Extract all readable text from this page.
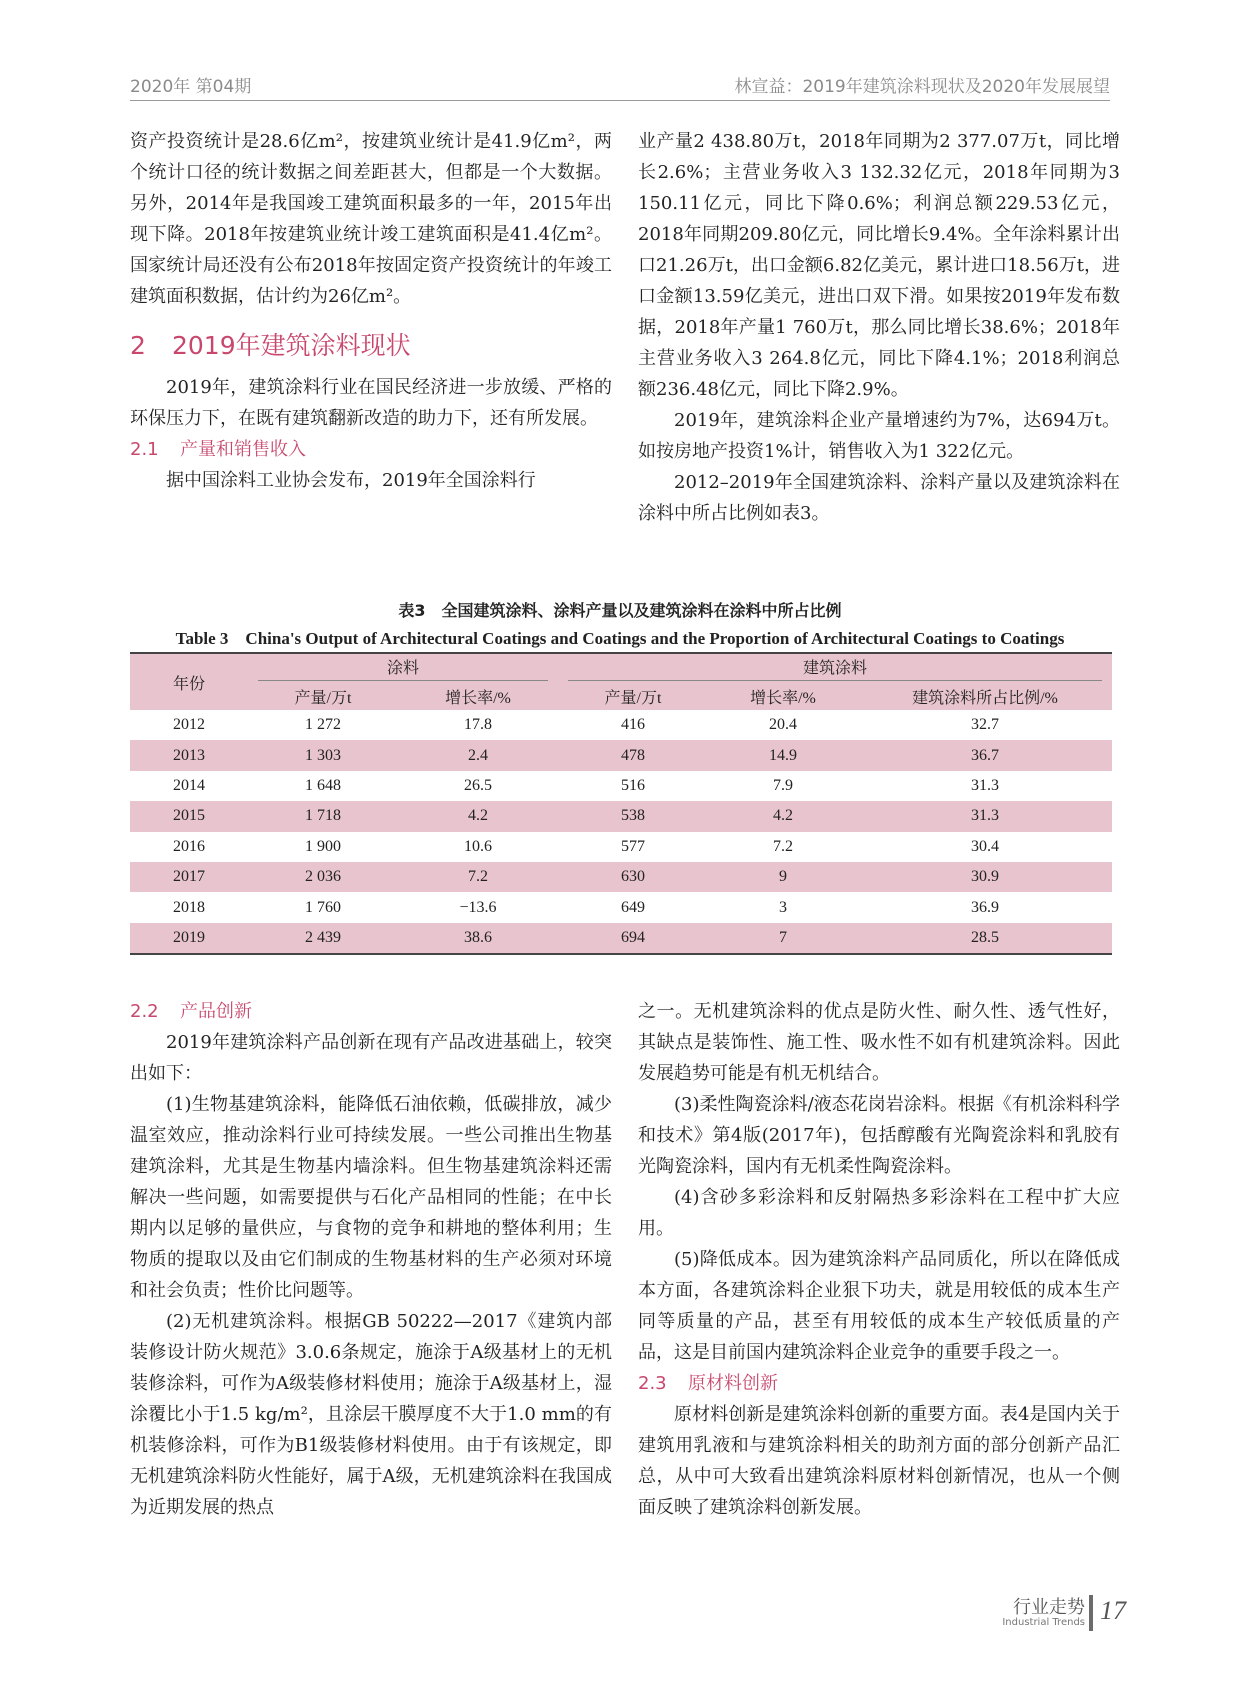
2020年 第04期	林宣益：2019年建筑涂料现状及2020年发展展望

资产投资统计是28.6亿m²，按建筑业统计是41.9亿m²，两个统计口径的统计数据之间差距甚大，但都是一个大数据。另外，2014年是我国竣工建筑面积最多的一年，2015年出现下降。2018年按建筑业统计竣工建筑面积是41.4亿m²。国家统计局还没有公布2018年按固定资产投资统计的年竣工建筑面积数据，估计约为26亿m²。

2 2019年建筑涂料现状

2019年，建筑涂料行业在国民经济进一步放缓、严格的环保压力下，在既有建筑翻新改造的助力下，还有所发展。

2.1 产量和销售收入

据中国涂料工业协会发布，2019年全国涂料行

业产量2 438.80万t，2018年同期为2 377.07万t，同比增长2.6%；主营业务收入3 132.32亿元，2018年同期为3 150.11亿元，同比下降0.6%；利润总额229.53亿元，2018年同期209.80亿元，同比增长9.4%。全年涂料累计出口21.26万t，出口金额6.82亿美元，累计进口18.56万t，进口金额13.59亿美元，进出口双下滑。如果按2019年发布数据，2018年产量1 760万t，那么同比增长38.6%；2018年主营业务收入3 264.8亿元，同比下降4.1%；2018利润总额236.48亿元，同比下降2.9%。

2019年，建筑涂料企业产量增速约为7%，达694万t。如按房地产投资1%计，销售收入为1 322亿元。

2012–2019年全国建筑涂料、涂料产量以及建筑涂料在涂料中所占比例如表3。

表3　全国建筑涂料、涂料产量以及建筑涂料在涂料中所占比例
Table 3　China's Output of Architectural Coatings and Coatings and the Proportion of Architectural Coatings to Coatings
年份	涂料		建筑涂料		

	产量/万t	增长率/%	产量/万t	增长率/%	建筑涂料所占比例/%
2012	1 272	17.8	416	20.4	32.7
2013	1 303	2.4	478	14.9	36.7
2014	1 648	26.5	516	7.9	31.3
2015	1 718	4.2	538	4.2	31.3
2016	1 900	10.6	577	7.2	30.4
2017	2 036	7.2	630	9	30.9
2018	1 760	−13.6	649	3	36.9
2019	2 439	38.6	694	7	28.5
2.2 产品创新

2019年建筑涂料产品创新在现有产品改进基础上，较突出如下：

(1)生物基建筑涂料，能降低石油依赖，低碳排放，减少温室效应，推动涂料行业可持续发展。一些公司推出生物基建筑涂料，尤其是生物基内墙涂料。但生物基建筑涂料还需解决一些问题，如需要提供与石化产品相同的性能；在中长期内以足够的量供应，与食物的竞争和耕地的整体利用；生物质的提取以及由它们制成的生物基材料的生产必须对环境和社会负责；性价比问题等。

(2)无机建筑涂料。根据GB 50222—2017《建筑内部装修设计防火规范》3.0.6条规定，施涂于A级基材上的无机装修涂料，可作为A级装修材料使用；施涂于A级基材上，湿涂覆比小于1.5 kg/m²，且涂层干膜厚度不大于1.0 mm的有机装修涂料，可作为B1级装修材料使用。由于有该规定，即无机建筑涂料防火性能好，属于A级，无机建筑涂料在我国成为近期发展的热点

之一。无机建筑涂料的优点是防火性、耐久性、透气性好，其缺点是装饰性、施工性、吸水性不如有机建筑涂料。因此发展趋势可能是有机无机结合。

(3)柔性陶瓷涂料/液态花岗岩涂料。根据《有机涂料科学和技术》第4版(2017年)，包括醇酸有光陶瓷涂料和乳胶有光陶瓷涂料，国内有无机柔性陶瓷涂料。

(4)含砂多彩涂料和反射隔热多彩涂料在工程中扩大应用。

(5)降低成本。因为建筑涂料产品同质化，所以在降低成本方面，各建筑涂料企业狠下功夫，就是用较低的成本生产同等质量的产品，甚至有用较低的成本生产较低质量的产品，这是目前国内建筑涂料企业竞争的重要手段之一。

2.3 原材料创新

原材料创新是建筑涂料创新的重要方面。表4是国内关于建筑用乳液和与建筑涂料相关的助剂方面的部分创新产品汇总，从中可大致看出建筑涂料原材料创新情况，也从一个侧面反映了建筑涂料创新发展。

行业走势
Industrial Trends 17
